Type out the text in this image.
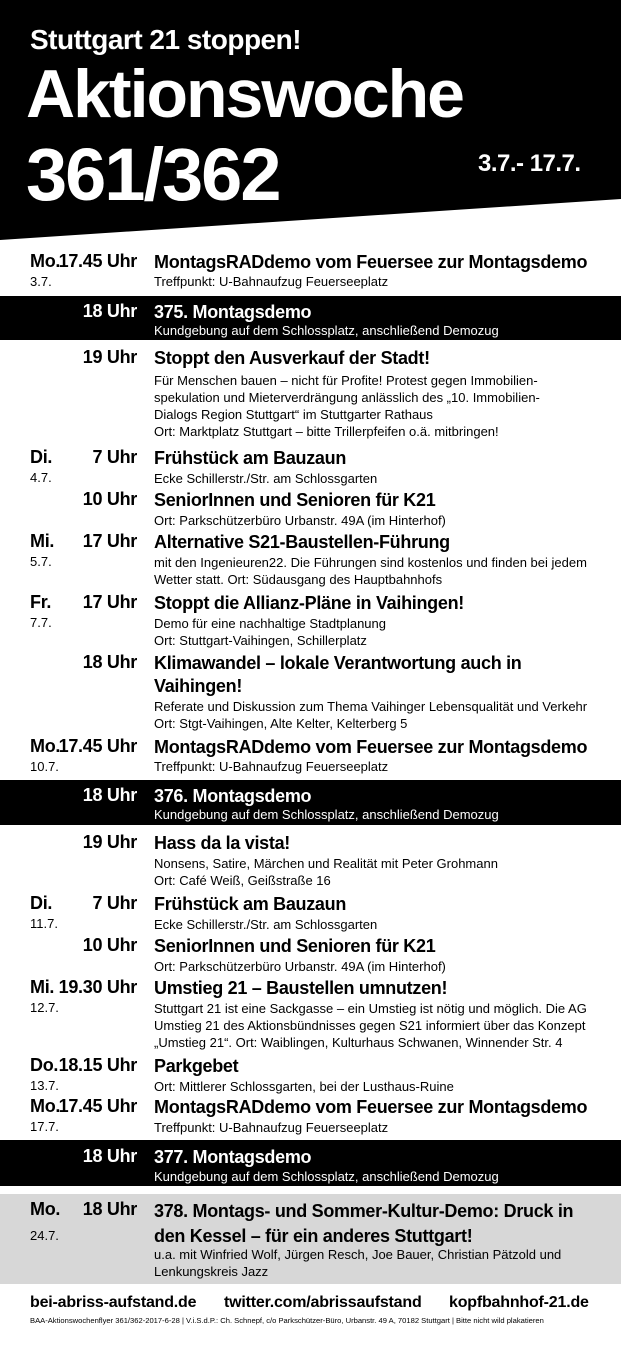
Stuttgart 21 stoppen!
Aktionswoche
361/362	3.7.- 17.7.
Mo.
3.7.
17.45 Uhr MontagsRADdemo vom Feuersee zur Montagsdemo
Treffpunkt: U-Bahnaufzug Feuerseeplatz
18 Uhr 375. Montagsdemo
Kundgebung auf dem Schlossplatz, anschließend Demozug
19 Uhr Stoppt den Ausverkauf der Stadt!
Für Menschen bauen – nicht für Profite! Protest gegen Immobilien-
spekulation und Mieterverdrängung anlässlich des „10. Immobilien-
Dialogs Region Stuttgart“ im Stuttgarter Rathaus
Ort: Marktplatz Stuttgart – bitte Trillerpfeifen o.ä. mitbringen!
Di.
4.7.
7 Uhr Frühstück am Bauzaun
Ecke Schillerstr./Str. am Schlossgarten
10 Uhr SeniorInnen und Senioren für K21
Ort: Parkschützerbüro Urbanstr. 49A (im Hinterhof)
Mi.
5.7.
17 Uhr Alternative S21-Baustellen-Führung
mit den Ingenieuren22. Die Führungen sind kostenlos und finden bei jedem
Wetter statt. Ort: Südausgang des Hauptbahnhofs
Fr.
7.7.
17 Uhr Stoppt die Allianz-Pläne in Vaihingen!
Demo für eine nachhaltige Stadtplanung
Ort: Stuttgart-Vaihingen, Schillerplatz
18 Uhr Klimawandel – lokale Verantwortung auch in Vaihingen!
Referate und Diskussion zum Thema Vaihinger Lebensqualität und Verkehr
Ort: Stgt-Vaihingen, Alte Kelter, Kelterberg 5
Mo.
10.7.
17.45 Uhr MontagsRADdemo vom Feuersee zur Montagsdemo
Treffpunkt: U-Bahnaufzug Feuerseeplatz
18 Uhr 376. Montagsdemo
Kundgebung auf dem Schlossplatz, anschließend Demozug
19 Uhr Hass da la vista!
Nonsens, Satire, Märchen und Realität mit Peter Grohmann
Ort: Café Weiß, Geißstraße 16
Di.
11.7.
7 Uhr Frühstück am Bauzaun
Ecke Schillerstr./Str. am Schlossgarten
10 Uhr SeniorInnen und Senioren für K21
Ort: Parkschützerbüro Urbanstr. 49A (im Hinterhof)
Mi.
12.7.
19.30 Uhr Umstieg 21 – Baustellen umnutzen!
Stuttgart 21 ist eine Sackgasse – ein Umstieg ist nötig und möglich. Die AG
Umstieg 21 des Aktionsbündnisses gegen S21 informiert über das Konzept
„Umstieg 21“. Ort: Waiblingen, Kulturhaus Schwanen, Winnender Str. 4
Do.
13.7.
18.15 Uhr Parkgebet
Ort: Mittlerer Schlossgarten, bei der Lusthaus-Ruine
Mo.
17.7.
17.45 Uhr MontagsRADdemo vom Feuersee zur Montagsdemo
Treffpunkt: U-Bahnaufzug Feuerseeplatz
18 Uhr 377. Montagsdemo
Kundgebung auf dem Schlossplatz, anschließend Demozug
Mo.
24.7.
18 Uhr 378. Montags- und Sommer-Kultur-Demo: Druck in den Kessel – für ein anderes Stuttgart!
u.a. mit Winfried Wolf, Jürgen Resch, Joe Bauer, Christian Pätzold und
Lenkungskreis Jazz
bei-abriss-aufstand.de twitter.com/abrissaufstand kopfbahnhof-21.de
BAA-Aktionswochenflyer 361/362-2017-6-28 | V.i.S.d.P.: Ch. Schnepf, c/o Parkschützer-Büro, Urbanstr. 49 A, 70182 Stuttgart | Bitte nicht wild plakatieren
